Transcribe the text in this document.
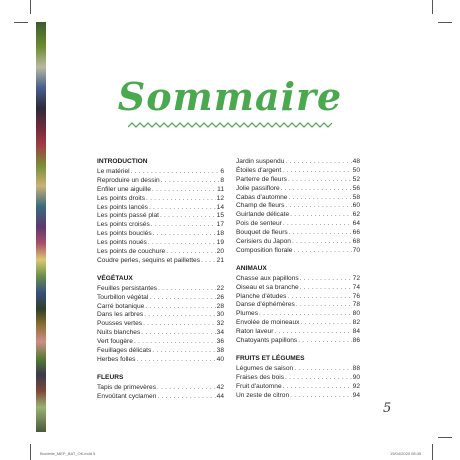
Sommaire
INTRODUCTION
Le matériel . . .	6
Reproduire un dessin . . .	8
Enfiler une aiguille . . .	11
Les points droits . . .	12
Les points lancés . . .	14
Les points passé plat . . .	15
Les points croisés . . .	17
Les points bouclés . . .	18
Les points noués . . .	19
Les points de couchure . . .	20
Coudre perles, sequins et paillettes . . .	21
VÉGÉTAUX
Feuilles persistantes . . .	22
Tourbillon végétal . . .	26
Carré botanique . . .	28
Dans les arbres . . .	30
Pousses vertes . . .	32
Nuits blanches . . .	34
Vert fougère . . .	36
Feuillages délicats . . .	38
Herbes folles . . .	40
FLEURS
Tapis de primevères . . .	42
Envoûtant cyclamen . . .	44
Jardin suspendu . . .	48
Étoiles d'argent . . .	50
Parterre de fleurs . . .	52
Jolie passiflore . . .	56
Cabas d'automne . . .	58
Champ de fleurs . . .	60
Guirlande délicate . . .	62
Pois de senteur . . .	64
Bouquet de fleurs . . .	66
Cerisiers du Japon . . .	68
Composition florale . . .	70
ANIMAUX
Chasse aux papillons . . .	72
Oiseau et sa branche . . .	74
Planche d'études . . .	76
Danse d'éphémères . . .	78
Plumes . . .	80
Envolée de moineaux . . .	82
Raton laveur . . .	84
Chatoyants papillons . . .	86
FRUITS ET LÉGUMES
Légumes de saison . . .	88
Fraises des bois . . .	90
Fruit d'automne . . .	92
Un zeste de citron . . .	94
5
Brodeiie_MEP_BAT_OK.indd 5	19/04/2020 08:45
